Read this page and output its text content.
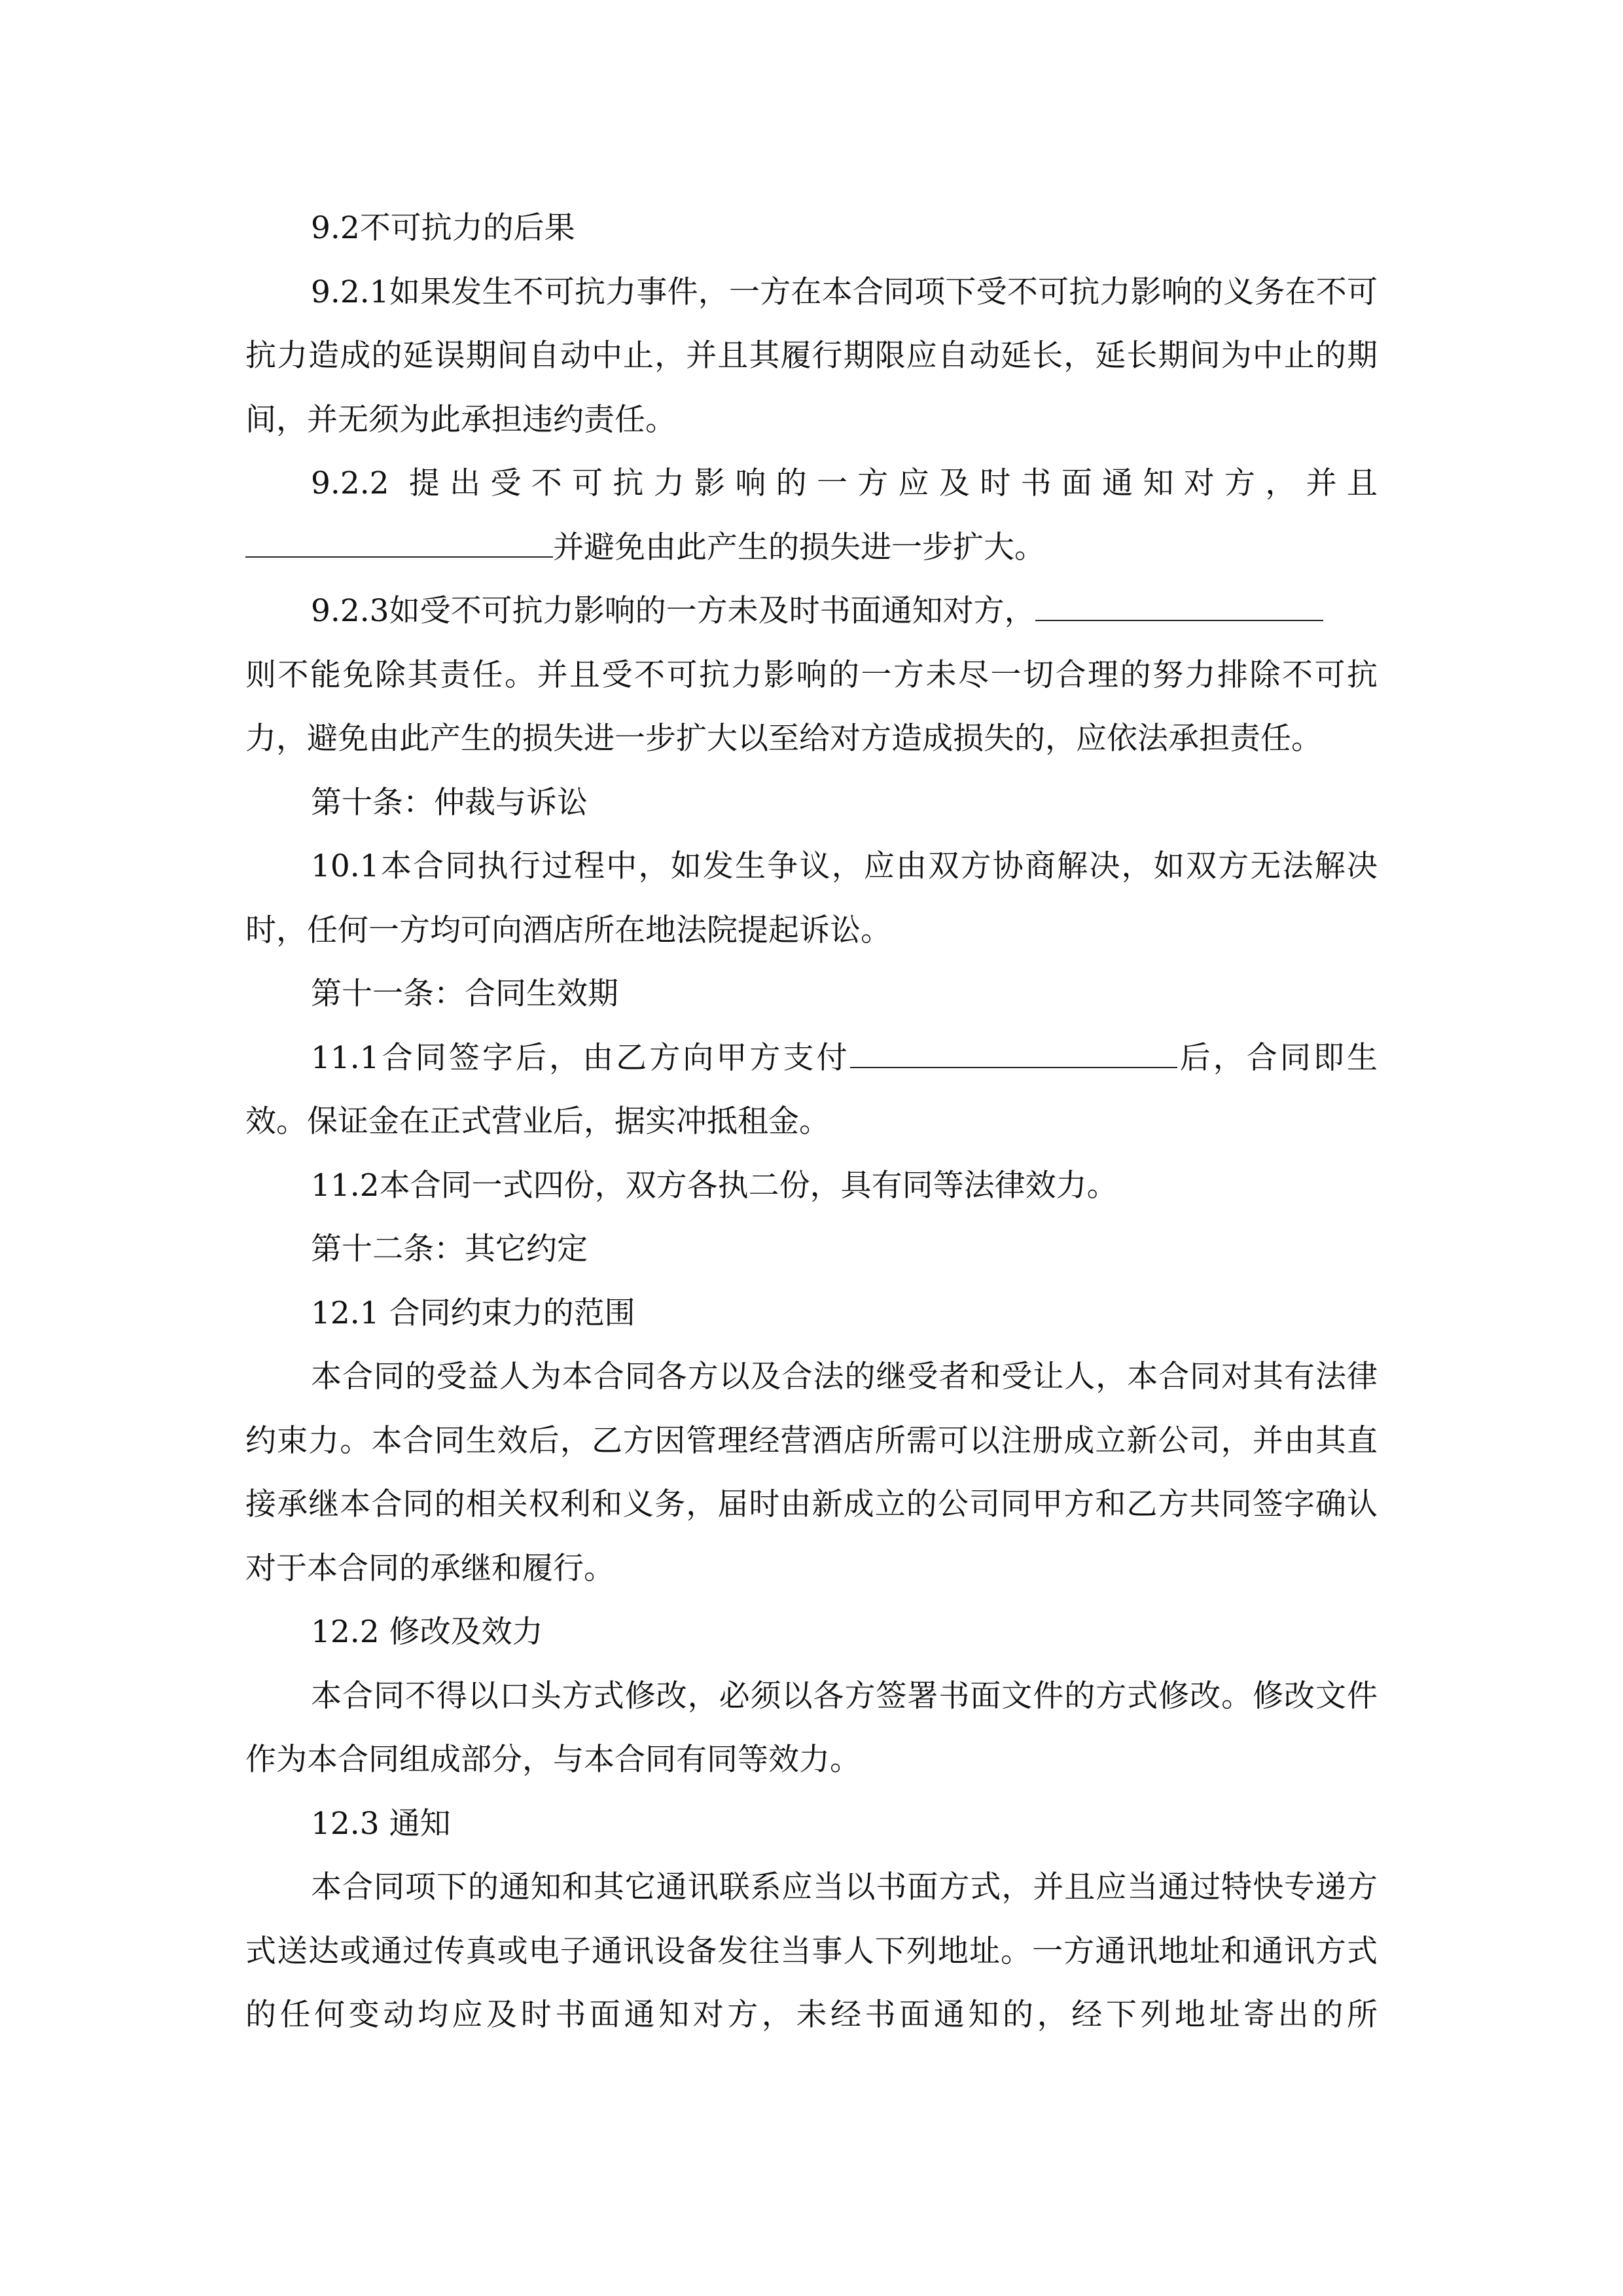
9.2不可抗力的后果

9.2.1如果发生不可抗力事件，一方在本合同项下受不可抗力影响的义务在不可抗力造成的延误期间自动中止，并且其履行期限应自动延长，延长期间为中止的期间，并无须为此承担违约责任。

9.2.2 提出受不可抗力影响的一方应及时书面通知对方，并且

并避免由此产生的损失进一步扩大。

9.2.3如受不可抗力影响的一方未及时书面通知对方，

则不能免除其责任。并且受不可抗力影响的一方未尽一切合理的努力排除不可抗力，避免由此产生的损失进一步扩大以至给对方造成损失的，应依法承担责任。

第十条：仲裁与诉讼

10.1本合同执行过程中，如发生争议，应由双方协商解决，如双方无法解决时，任何一方均可向酒店所在地法院提起诉讼。

第十一条：合同生效期

11.1合同签字后，由乙方向甲方支付	后，合同即生效。保证金在正式营业后，据实冲抵租金。

11.2本合同一式四份，双方各执二份，具有同等法律效力。

第十二条：其它约定

12.1 合同约束力的范围

本合同的受益人为本合同各方以及合法的继受者和受让人，本合同对其有法律约束力。本合同生效后，乙方因管理经营酒店所需可以注册成立新公司，并由其直接承继本合同的相关权利和义务，届时由新成立的公司同甲方和乙方共同签字确认对于本合同的承继和履行。

12.2 修改及效力

本合同不得以口头方式修改，必须以各方签署书面文件的方式修改。修改文件作为本合同组成部分，与本合同有同等效力。

12.3 通知

本合同项下的通知和其它通讯联系应当以书面方式，并且应当通过特快专递方式送达或通过传真或电子通讯设备发往当事人下列地址。一方通讯地址和通讯方式的任何变动均应及时书面通知对方，未经书面通知的，经下列地址寄出的所
